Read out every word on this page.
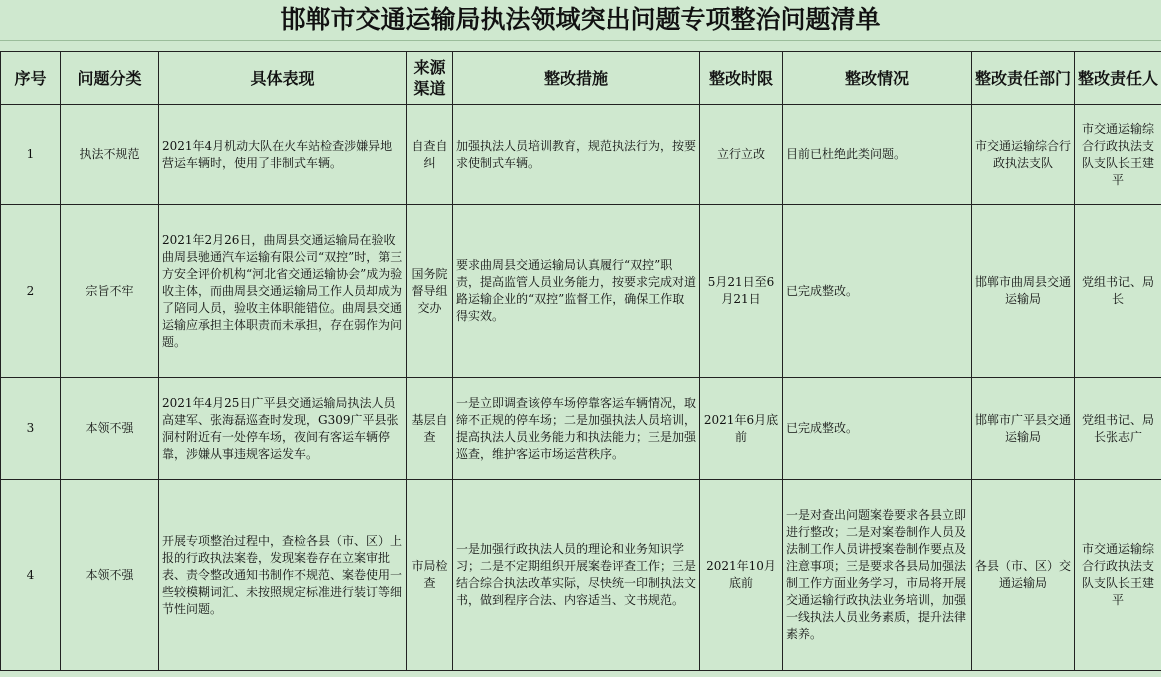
邯郸市交通运输局执法领域突出问题专项整治问题清单
序号	问题分类	具体表现	来源渠道	整改措施	整改时限	整改情况	整改责任部门	整改责任人
1	执法不规范	2021年4月机动大队在火车站检查涉嫌异地营运车辆时，使用了非制式车辆。	自查自纠	加强执法人员培训教育，规范执法行为，按要求使制式车辆。	立行立改	目前已杜绝此类问题。	市交通运输综合行政执法支队	市交通运输综合行政执法支队支队长王建平
2	宗旨不牢	2021年2月26日，曲周县交通运输局在验收曲周县驰通汽车运输有限公司“双控”时，第三方安全评价机构“河北省交通运输协会”成为验收主体，而曲周县交通运输局工作人员却成为了陪同人员，验收主体职能错位。曲周县交通运输应承担主体职责而未承担，存在弱作为问题。	国务院督导组交办	要求曲周县交通运输局认真履行“双控”职责，提高监管人员业务能力，按要求完成对道路运输企业的“双控”监督工作，确保工作取得实效。	5月21日至6月21日	已完成整改。	邯郸市曲周县交通运输局	党组书记、局长
3	本领不强	2021年4月25日广平县交通运输局执法人员高建军、张海磊巡查时发现，G309广平县张洞村附近有一处停车场，夜间有客运车辆停靠，涉嫌从事违规客运发车。	基层自查	一是立即调查该停车场停靠客运车辆情况，取缔不正规的停车场；二是加强执法人员培训，提高执法人员业务能力和执法能力；三是加强巡查，维护客运市场运营秩序。	2021年6月底前	已完成整改。	邯郸市广平县交通运输局	党组书记、局长张志广
4	本领不强	开展专项整治过程中，查检各县（市、区）上报的行政执法案卷，发现案卷存在立案审批表、责令整改通知书制作不规范、案卷使用一些较模糊词汇、未按照规定标准进行装订等细节性问题。	市局检查	一是加强行政执法人员的理论和业务知识学习；二是不定期组织开展案卷评查工作；三是结合综合执法改革实际，尽快统一印制执法文书，做到程序合法、内容适当、文书规范。	2021年10月底前	一是对查出问题案卷要求各县立即进行整改；二是对案卷制作人员及法制工作人员讲授案卷制作要点及注意事项；三是要求各县局加强法制工作方面业务学习，市局将开展交通运输行政执法业务培训，加强一线执法人员业务素质，提升法律素养。	各县（市、区）交通运输局	市交通运输综合行政执法支队支队长王建平
